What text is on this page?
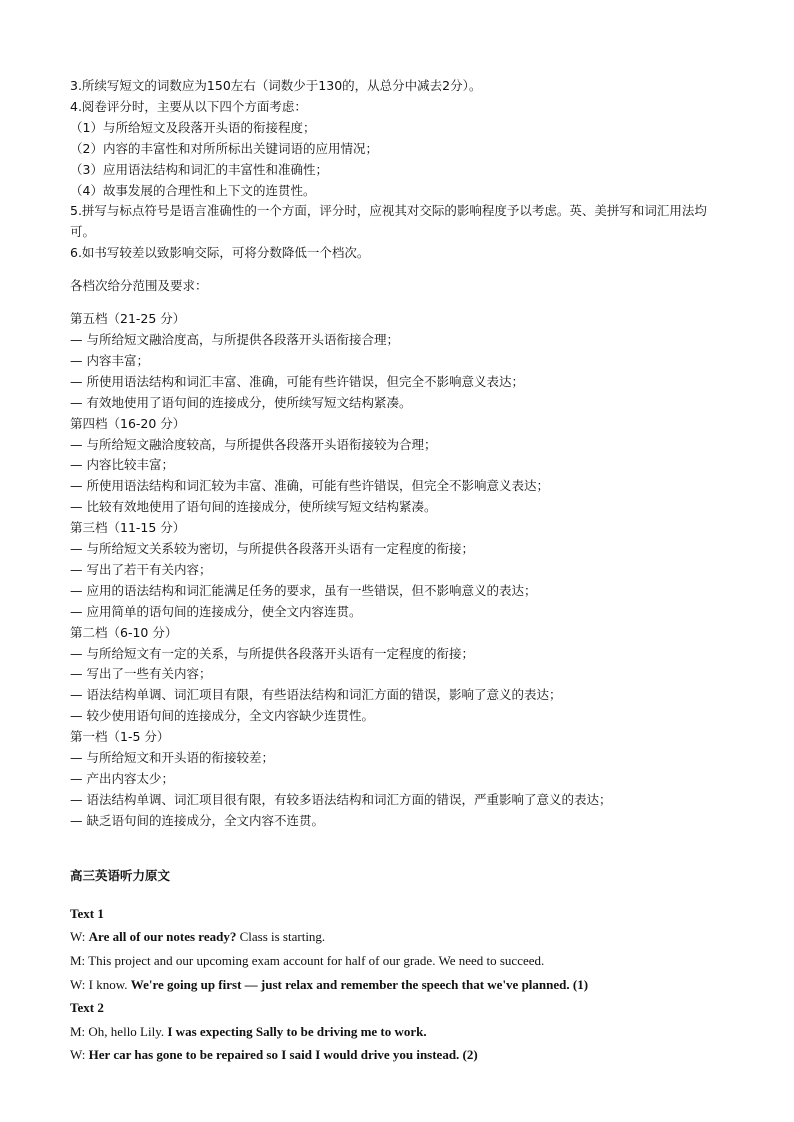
3.所续写短文的词数应为150左右（词数少于130的，从总分中减去2分）。
4.阅卷评分时，主要从以下四个方面考虑：
（1）与所给短文及段落开头语的衔接程度；
（2）内容的丰富性和对所所标出关键词语的应用情况；
（3）应用语法结构和词汇的丰富性和准确性；
（4）故事发展的合理性和上下文的连贯性。
5.拼写与标点符号是语言准确性的一个方面，评分时，应视其对交际的影响程度予以考虑。英、美拼写和词汇用法均可。
6.如书写较差以致影响交际，可将分数降低一个档次。
各档次给分范围及要求：
第五档（21-25 分）
— 与所给短文融洽度高，与所提供各段落开头语衔接合理；
— 内容丰富；
— 所使用语法结构和词汇丰富、准确，可能有些许错误，但完全不影响意义表达；
— 有效地使用了语句间的连接成分，使所续写短文结构紧凑。
第四档（16-20 分）
— 与所给短文融洽度较高，与所提供各段落开头语衔接较为合理；
— 内容比较丰富；
— 所使用语法结构和词汇较为丰富、准确，可能有些许错误，但完全不影响意义表达；
— 比较有效地使用了语句间的连接成分，使所续写短文结构紧凑。
第三档（11-15 分）
— 与所给短文关系较为密切，与所提供各段落开头语有一定程度的衔接；
— 写出了若干有关内容；
— 应用的语法结构和词汇能满足任务的要求，虽有一些错误，但不影响意义的表达；
— 应用简单的语句间的连接成分，使全文内容连贯。
第二档（6-10 分）
— 与所给短文有一定的关系，与所提供各段落开头语有一定程度的衔接；
— 写出了一些有关内容；
— 语法结构单调、词汇项目有限，有些语法结构和词汇方面的错误，影响了意义的表达；
— 较少使用语句间的连接成分，全文内容缺少连贯性。
第一档（1-5 分）
— 与所给短文和开头语的衔接较差；
— 产出内容太少；
— 语法结构单调、词汇项目很有限，有较多语法结构和词汇方面的错误，严重影响了意义的表达；
— 缺乏语句间的连接成分，全文内容不连贯。
高三英语听力原文
Text 1
W: Are all of our notes ready? Class is starting.
M: This project and our upcoming exam account for half of our grade. We need to succeed.
W: I know. We're going up first — just relax and remember the speech that we've planned. (1)
Text 2
M: Oh, hello Lily. I was expecting Sally to be driving me to work.
W: Her car has gone to be repaired so I said I would drive you instead. (2)
